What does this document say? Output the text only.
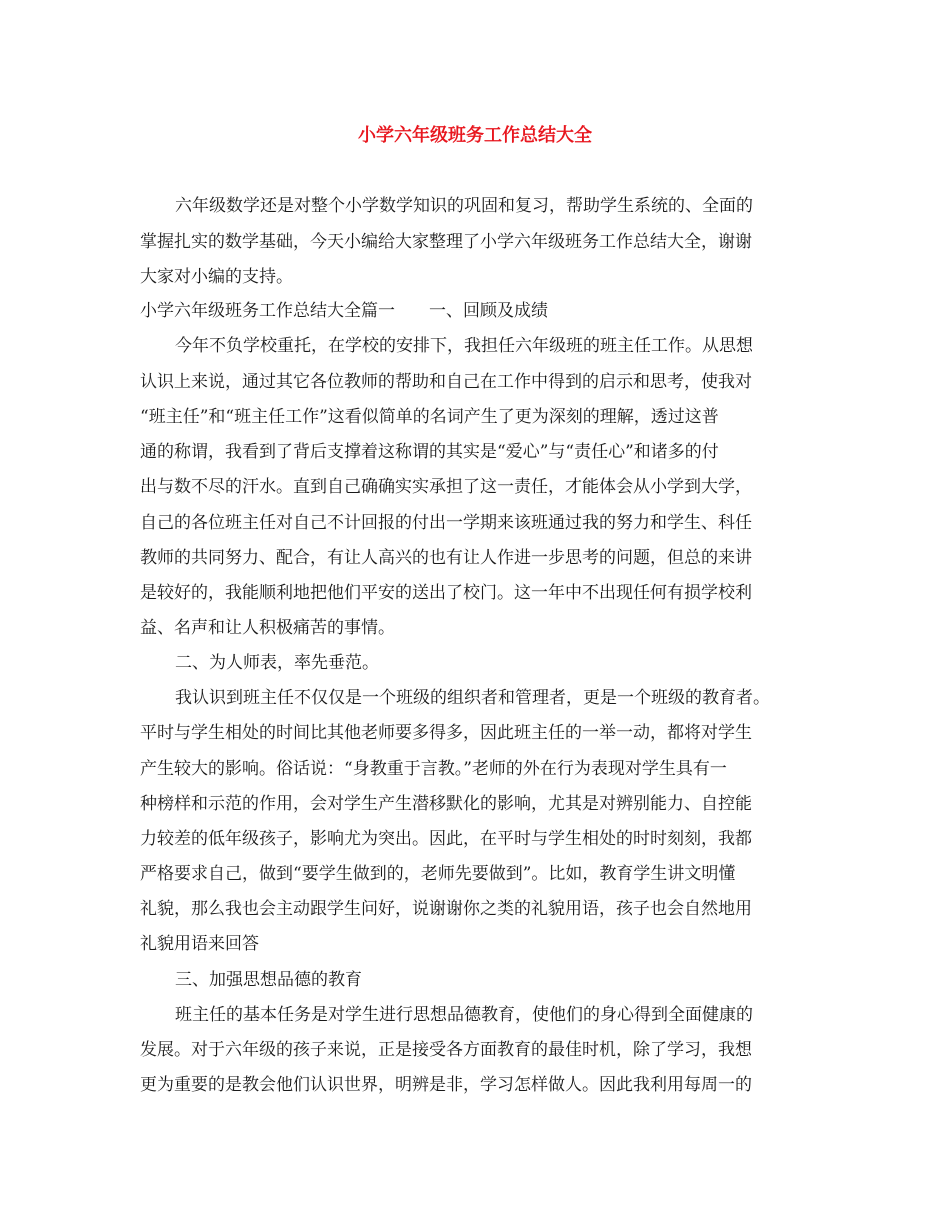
小学六年级班务工作总结大全

六年级数学还是对整个小学数学知识的巩固和复习，帮助学生系统的、全面的

掌握扎实的数学基础，今天小编给大家整理了小学六年级班务工作总结大全，谢谢

大家对小编的支持。

小学六年级班务工作总结大全篇一　　一、回顾及成绩

今年不负学校重托，在学校的安排下，我担任六年级班的班主任工作。从思想

认识上来说，通过其它各位教师的帮助和自己在工作中得到的启示和思考，使我对

“班主任”和“班主任工作”这看似简单的名词产生了更为深刻的理解，透过这普

通的称谓，我看到了背后支撑着这称谓的其实是“爱心”与“责任心”和诸多的付

出与数不尽的汗水。直到自己确确实实承担了这一责任，才能体会从小学到大学，

自己的各位班主任对自己不计回报的付出一学期来该班通过我的努力和学生、科任

教师的共同努力、配合，有让人高兴的也有让人作进一步思考的问题，但总的来讲

是较好的，我能顺利地把他们平安的送出了校门。这一年中不出现任何有损学校利

益、名声和让人积极痛苦的事情。

二、为人师表，率先垂范。

我认识到班主任不仅仅是一个班级的组织者和管理者，更是一个班级的教育者。

平时与学生相处的时间比其他老师要多得多，因此班主任的一举一动，都将对学生

产生较大的影响。俗话说：“身教重于言教。”老师的外在行为表现对学生具有一

种榜样和示范的作用，会对学生产生潜移默化的影响，尤其是对辨别能力、自控能

力较差的低年级孩子，影响尤为突出。因此，在平时与学生相处的时时刻刻，我都

严格要求自己，做到“要学生做到的，老师先要做到”。比如，教育学生讲文明懂

礼貌，那么我也会主动跟学生问好，说谢谢你之类的礼貌用语，孩子也会自然地用

礼貌用语来回答

三、加强思想品德的教育

班主任的基本任务是对学生进行思想品德教育，使他们的身心得到全面健康的

发展。对于六年级的孩子来说，正是接受各方面教育的最佳时机，除了学习，我想

更为重要的是教会他们认识世界，明辨是非，学习怎样做人。因此我利用每周一的
